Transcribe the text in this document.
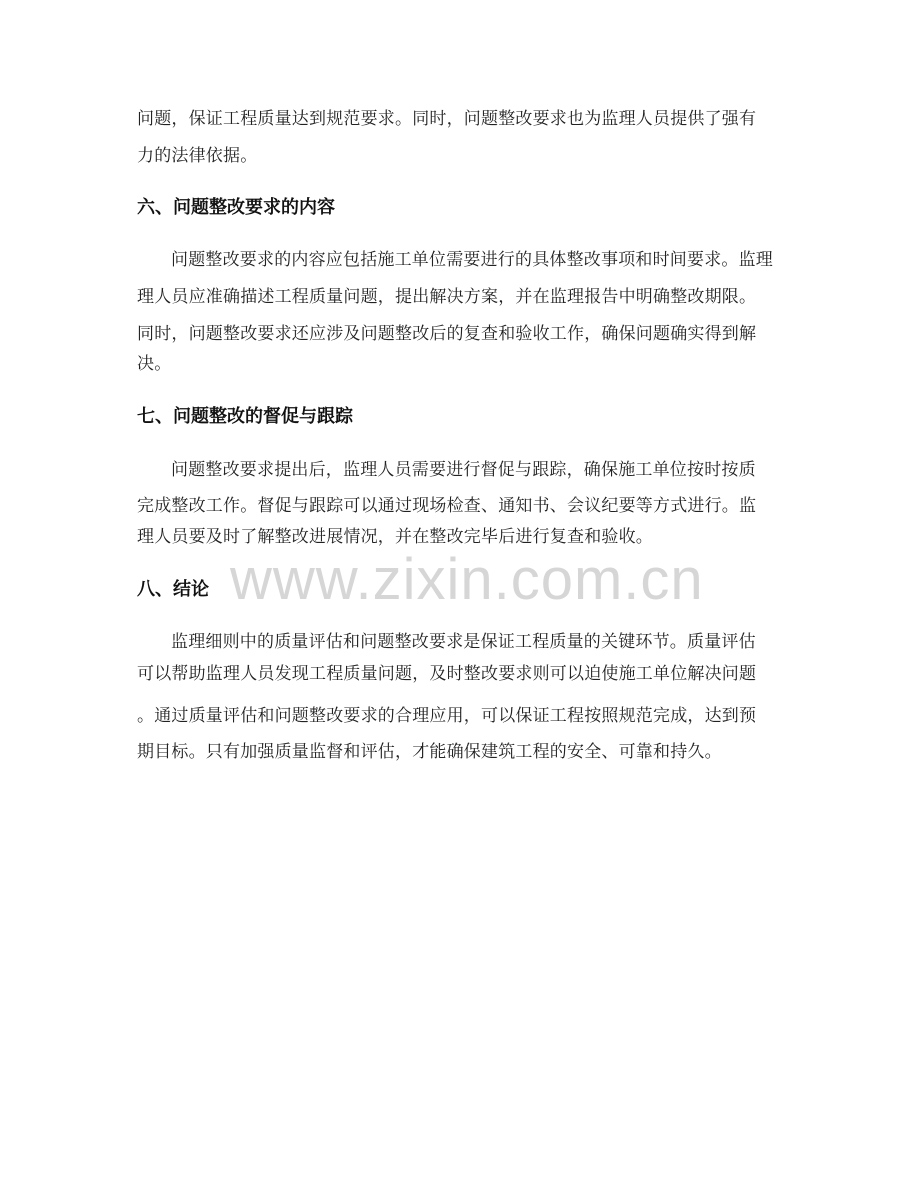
问题，保证工程质量达到规范要求。同时，问题整改要求也为监理人员提供了强有
力的法律依据。
六、问题整改要求的内容
问题整改要求的内容应包括施工单位需要进行的具体整改事项和时间要求。监理
理人员应准确描述工程质量问题，提出解决方案，并在监理报告中明确整改期限。
同时，问题整改要求还应涉及问题整改后的复查和验收工作，确保问题确实得到解
决。
七、问题整改的督促与跟踪
问题整改要求提出后，监理人员需要进行督促与跟踪，确保施工单位按时按质
完成整改工作。督促与跟踪可以通过现场检查、通知书、会议纪要等方式进行。监
理人员要及时了解整改进展情况，并在整改完毕后进行复查和验收。
www.zixin.com.cn
八、结论
监理细则中的质量评估和问题整改要求是保证工程质量的关键环节。质量评估
可以帮助监理人员发现工程质量问题，及时整改要求则可以迫使施工单位解决问题
。通过质量评估和问题整改要求的合理应用，可以保证工程按照规范完成，达到预
期目标。只有加强质量监督和评估，才能确保建筑工程的安全、可靠和持久。
